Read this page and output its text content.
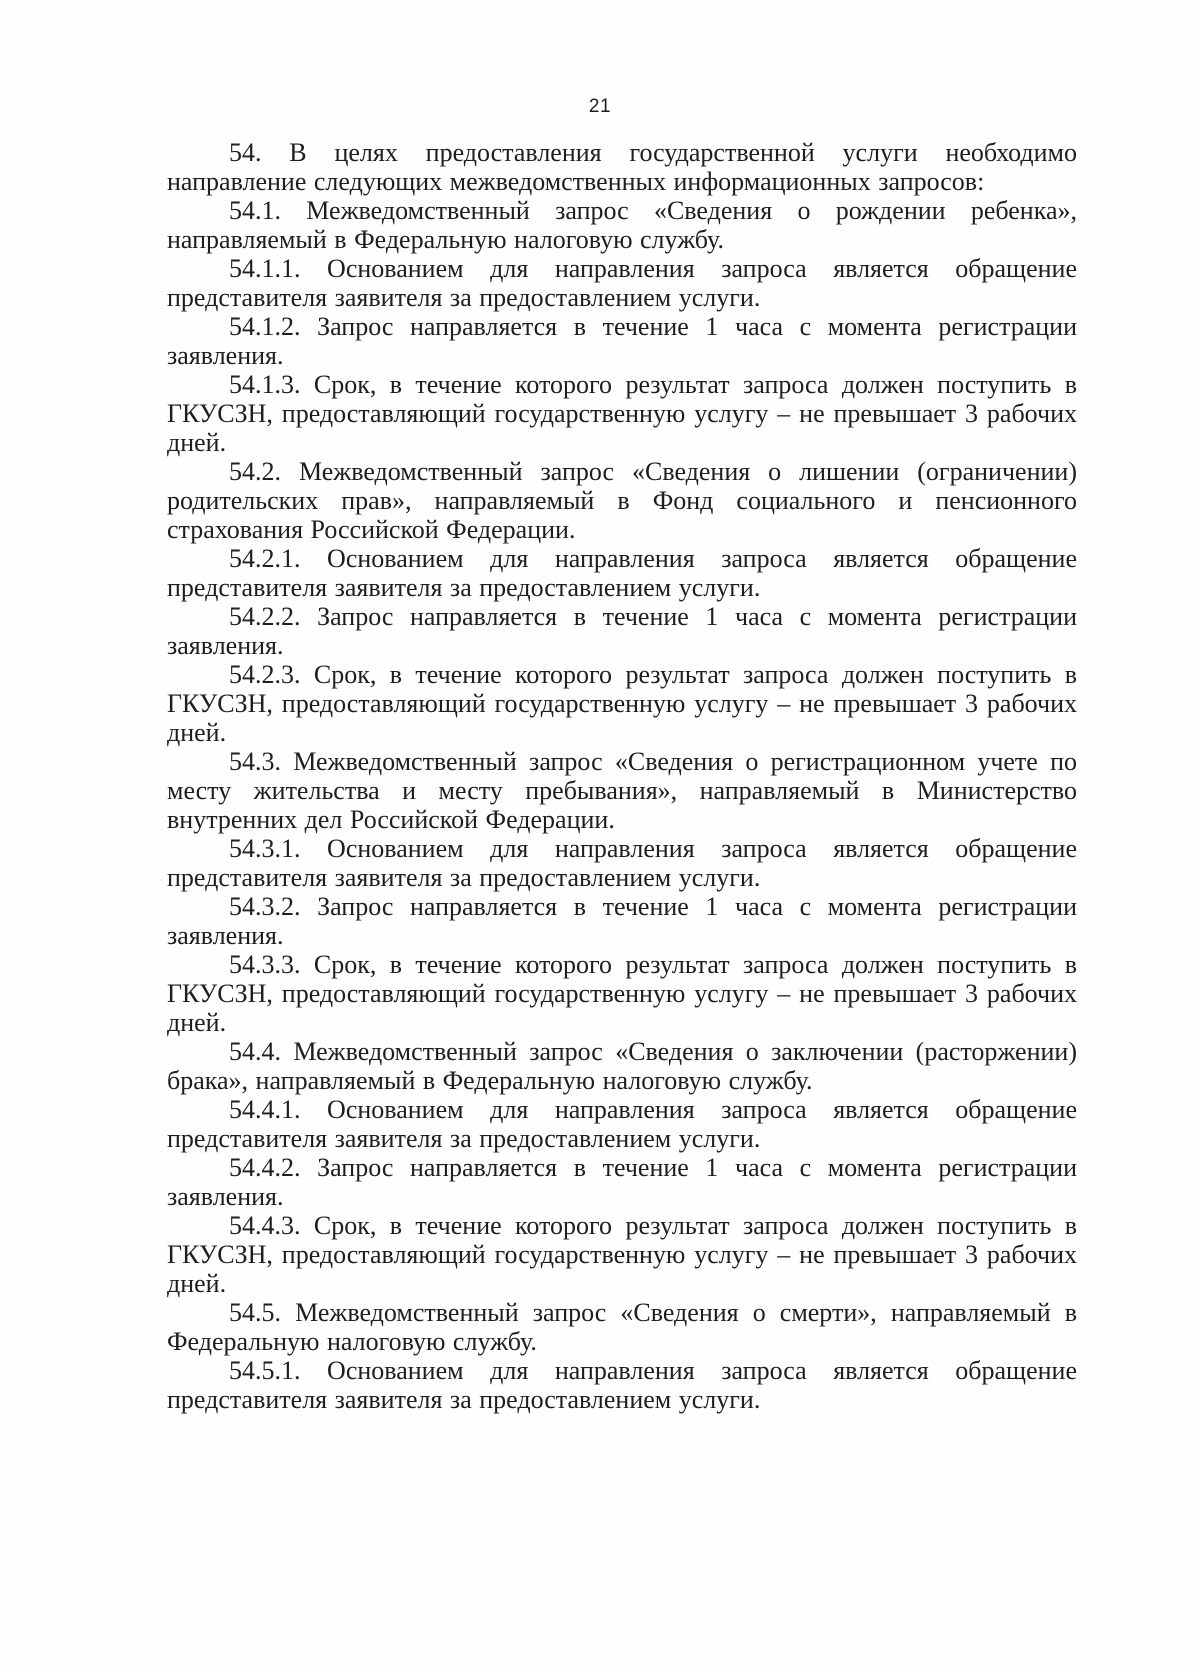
21

54. В целях предоставления государственной услуги необходимо направление следующих межведомственных информационных запросов:

54.1. Межведомственный запрос «Сведения о рождении ребенка», направляемый в Федеральную налоговую службу.

54.1.1. Основанием для направления запроса является обращение представителя заявителя за предоставлением услуги.

54.1.2. Запрос направляется в течение 1 часа с момента регистрации заявления.

54.1.3. Срок, в течение которого результат запроса должен поступить в ГКУСЗН, предоставляющий государственную услугу – не превышает 3 рабочих дней.

54.2. Межведомственный запрос «Сведения о лишении (ограничении) родительских прав», направляемый в Фонд социального и пенсионного страхования Российской Федерации.

54.2.1. Основанием для направления запроса является обращение представителя заявителя за предоставлением услуги.

54.2.2. Запрос направляется в течение 1 часа с момента регистрации заявления.

54.2.3. Срок, в течение которого результат запроса должен поступить в ГКУСЗН, предоставляющий государственную услугу – не превышает 3 рабочих дней.

54.3. Межведомственный запрос «Сведения о регистрационном учете по месту жительства и месту пребывания», направляемый в Министерство внутренних дел Российской Федерации.

54.3.1. Основанием для направления запроса является обращение представителя заявителя за предоставлением услуги.

54.3.2. Запрос направляется в течение 1 часа с момента регистрации заявления.

54.3.3. Срок, в течение которого результат запроса должен поступить в ГКУСЗН, предоставляющий государственную услугу – не превышает 3 рабочих дней.

54.4. Межведомственный запрос «Сведения о заключении (расторжении) брака», направляемый в Федеральную налоговую службу.

54.4.1. Основанием для направления запроса является обращение представителя заявителя за предоставлением услуги.

54.4.2. Запрос направляется в течение 1 часа с момента регистрации заявления.

54.4.3. Срок, в течение которого результат запроса должен поступить в ГКУСЗН, предоставляющий государственную услугу – не превышает 3 рабочих дней.

54.5. Межведомственный запрос «Сведения о смерти», направляемый в Федеральную налоговую службу.

54.5.1. Основанием для направления запроса является обращение представителя заявителя за предоставлением услуги.
